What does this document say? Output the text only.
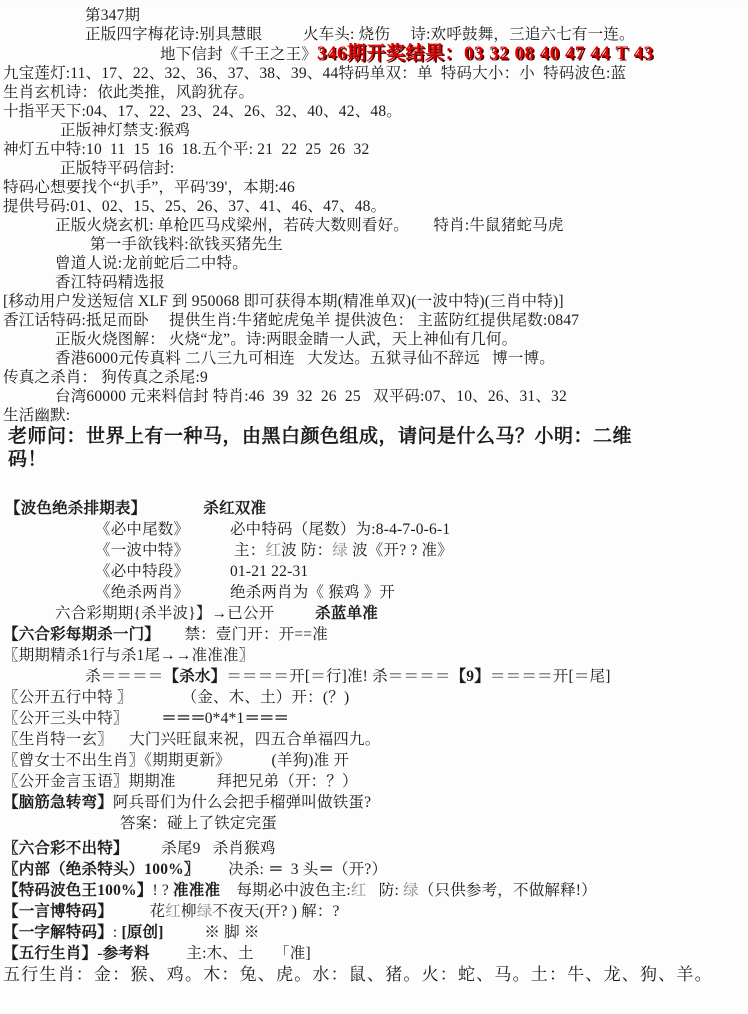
第347期
正版四字梅花诗:别具慧眼          火车头: 烧伤     诗:欢呼鼓舞，三追六七有一连。
地下信封《千王之王》346期开奖结果：03 32 08 40 47 44 T 43
九宝莲灯:11、17、22、32、36、37、38、39、44特码单双：单  特码大小：小  特码波色:蓝
生肖玄机诗：依此类推，风韵犹存。
十指平天下:04、17、22、23、24、26、32、40、42、48。
正版神灯禁支:猴鸡
神灯五中特:10  11  15  16  18.五个平: 21  22  25  26  32
正版特平码信封:
特码心想要找个“扒手”，平码'39'，本期:46
提供号码:01、02、15、25、26、37、41、46、47、48。
正版火烧玄机: 单枪匹马戍梁州，若砖大数则看好。      特肖:牛鼠猪蛇马虎
第一手欲钱料:欲钱买猪先生
曾道人说:龙前蛇后二中特。
香江特码精选报
[移动用户发送短信 XLF 到 950068 即可获得本期(精准单双)(一波中特)(三肖中特)]
香江话特码:抵足而卧     提供生肖:牛猪蛇虎兔羊 提供波色： 主蓝防红提供尾数:0847
正版火烧图解： 火烧“龙”。诗:两眼金睛一人武，天上神仙有几何。
香港6000元传真料 二八三九可相连   大发达。五狱寻仙不辞远   博一博。
传真之杀肖： 狗传真之杀尾:9
台湾60000 元来料信封 特肖:46  39  32  26  25   双平码:07、10、26、31、32
生活幽默:
老师问：世界上有一种马，由黑白颜色组成，请问是什么马？小明：二维
码！
【波色绝杀排期表】	杀红双准
《必中尾数》          必中特码（尾数）为:8-4-7-0-6-1
《一波中特》           主：红波 防：绿 波《开? ? 准》
《必中特段》          01-21 22-31
《绝杀两肖》          绝杀两肖为《 猴鸡 》开
六合彩期期{杀半波}】→已公开          杀蓝单准
【六合彩每期杀一门】      禁：壹门开：开==准
〖期期精杀1行与杀1尾→→准准准〗
杀＝＝＝＝【杀水】＝＝＝＝开[＝行]准! 杀＝＝＝＝【9】＝＝＝＝开[＝尾]
〖公开五行中特 〗            （金、木、土）开：(？)
〖公开三头中特〗        ＝＝＝0*4*1＝＝＝
〖生肖特一玄〗    大门兴旺鼠来祝，四五合单福四九。
〖曾女士不出生肖〗《期期更新》          (羊狗)准 开
〖公开金言玉语〗期期准          拜把兄弟（开：？）
【脑筋急转弯】阿兵哥们为什么会把手榴弹叫做铁蛋?
答案：碰上了铁定完蛋
〖六合彩不出特】        杀尾9   杀肖猴鸡
〖内部（绝杀特头）100%〗       决杀: ＝  3 头＝（开?）
【特码波色王100%】! ? 准准准    每期必中波色主:红   防: 绿（只供参考，不做解释!）
【一言博特码】         花红柳绿不夜天(开? ) 解：?
【一字解特码】: [原创]          ※ 脚 ※
【五行生肖】-参考料         主:木、土     「准]
五行生肖：金：猴、鸡。木：兔、虎。水：鼠、猪。火：蛇、马。土：牛、龙、狗、羊。
